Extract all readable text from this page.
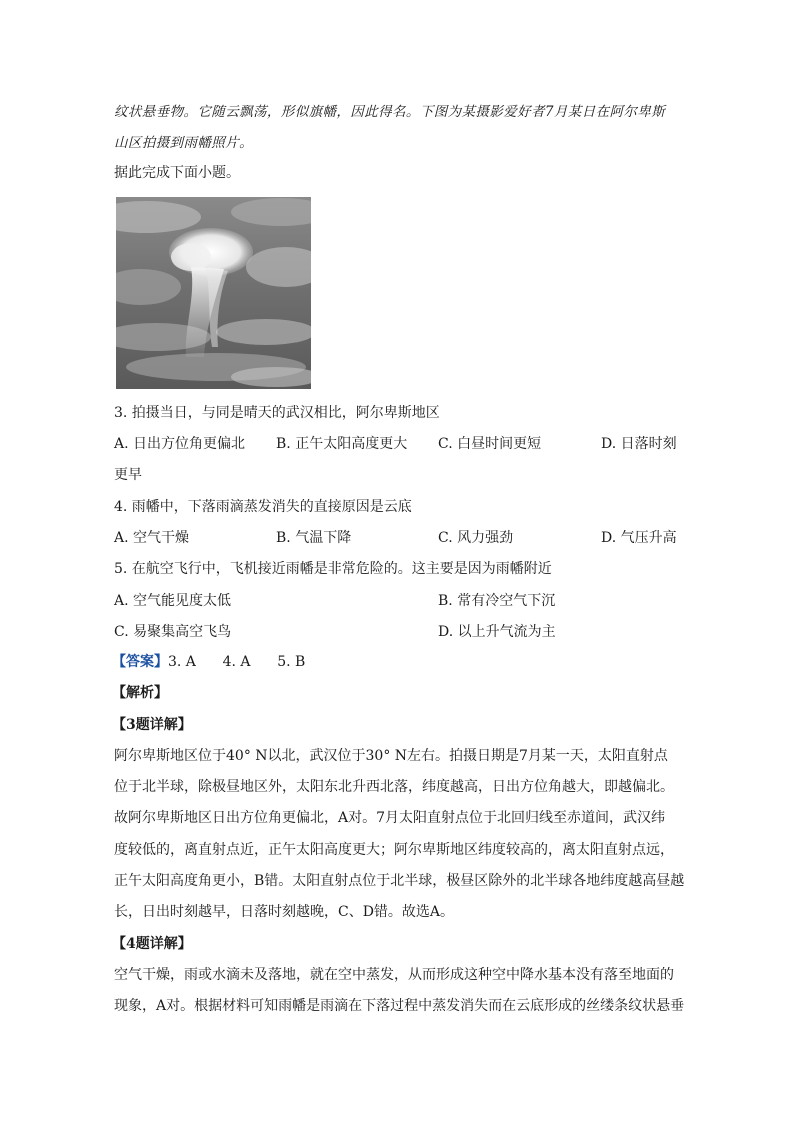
纹状悬垂物。它随云飘荡，形似旗幡，因此得名。下图为某摄影爱好者7月某日在阿尔卑斯
山区拍摄到雨幡照片。
据此完成下面小题。
3. 拍摄当日，与同是晴天的武汉相比，阿尔卑斯地区
A. 日出方位角更偏北 B. 正午太阳高度更大 C. 白昼时间更短	D. 日落时刻
更早
4. 雨幡中，下落雨滴蒸发消失的直接原因是云底
A. 空气干燥	B. 气温下降	C. 风力强劲	D. 气压升高
5. 在航空飞行中，飞机接近雨幡是非常危险的。这主要是因为雨幡附近
A. 空气能见度太低	B. 常有冷空气下沉
C. 易聚集高空飞鸟	D. 以上升气流为主
【答案】3. A      4. A      5. B
【解析】
【3题详解】
阿尔卑斯地区位于40° N以北，武汉位于30° N左右。拍摄日期是7月某一天，太阳直射点
位于北半球，除极昼地区外，太阳东北升西北落，纬度越高，日出方位角越大，即越偏北。
故阿尔卑斯地区日出方位角更偏北，A对。7月太阳直射点位于北回归线至赤道间，武汉纬
度较低的，离直射点近，正午太阳高度更大；阿尔卑斯地区纬度较高的，离太阳直射点远，
正午太阳高度角更小，B错。太阳直射点位于北半球，极昼区除外的北半球各地纬度越高昼越
长，日出时刻越早，日落时刻越晚，C、D错。故选A。
【4题详解】
空气干燥，雨或水滴未及落地，就在空中蒸发，从而形成这种空中降水基本没有落至地面的
现象，A对。根据材料可知雨幡是雨滴在下落过程中蒸发消失而在云底形成的丝缕条纹状悬垂
